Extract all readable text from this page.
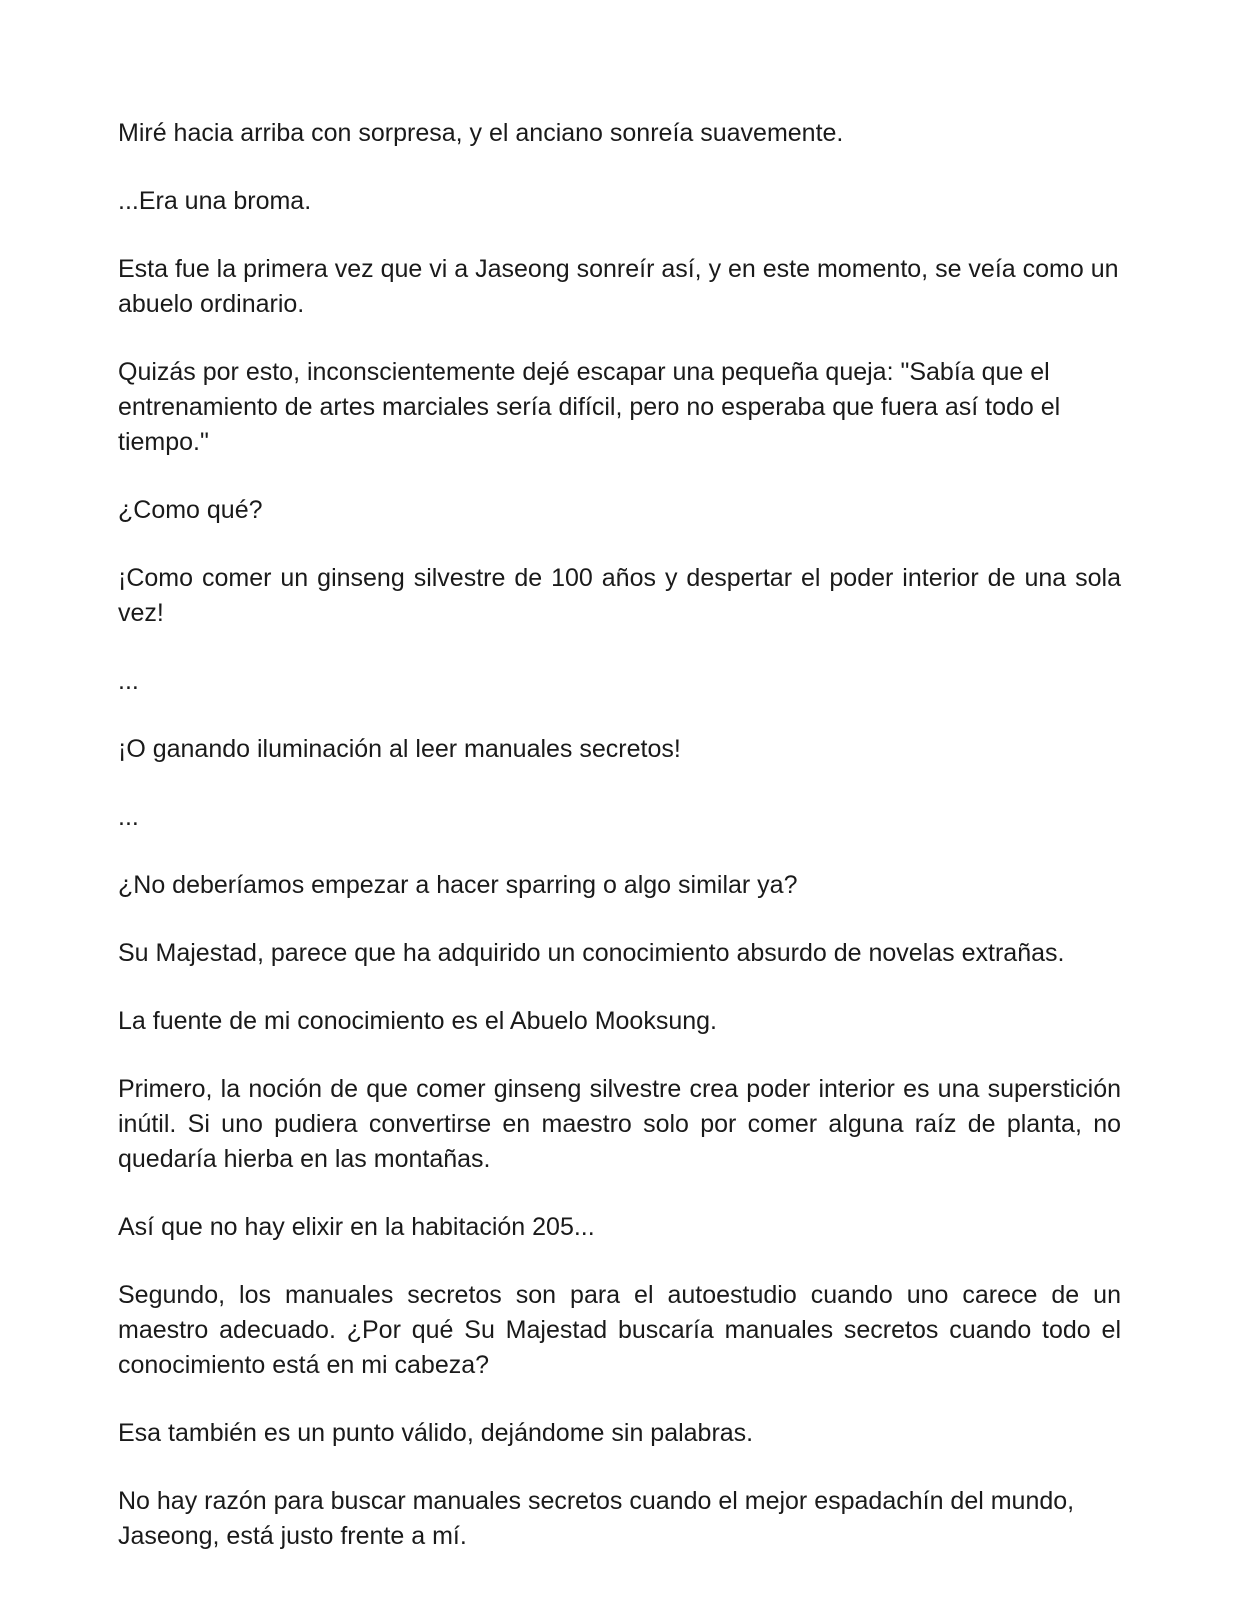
Miré hacia arriba con sorpresa, y el anciano sonreía suavemente.

...Era una broma.

Esta fue la primera vez que vi a Jaseong sonreír así, y en este momento, se veía como un abuelo ordinario.

Quizás por esto, inconscientemente dejé escapar una pequeña queja: "Sabía que el entrenamiento de artes marciales sería difícil, pero no esperaba que fuera así todo el tiempo."

¿Como qué?

¡Como comer un ginseng silvestre de 100 años y despertar el poder interior de una sola vez!

...

¡O ganando iluminación al leer manuales secretos!

...

¿No deberíamos empezar a hacer sparring o algo similar ya?

Su Majestad, parece que ha adquirido un conocimiento absurdo de novelas extrañas.

La fuente de mi conocimiento es el Abuelo Mooksung.

Primero, la noción de que comer ginseng silvestre crea poder interior es una superstición inútil. Si uno pudiera convertirse en maestro solo por comer alguna raíz de planta, no quedaría hierba en las montañas.

Así que no hay elixir en la habitación 205...

Segundo, los manuales secretos son para el autoestudio cuando uno carece de un maestro adecuado. ¿Por qué Su Majestad buscaría manuales secretos cuando todo el conocimiento está en mi cabeza?

Esa también es un punto válido, dejándome sin palabras.

No hay razón para buscar manuales secretos cuando el mejor espadachín del mundo, Jaseong, está justo frente a mí.
